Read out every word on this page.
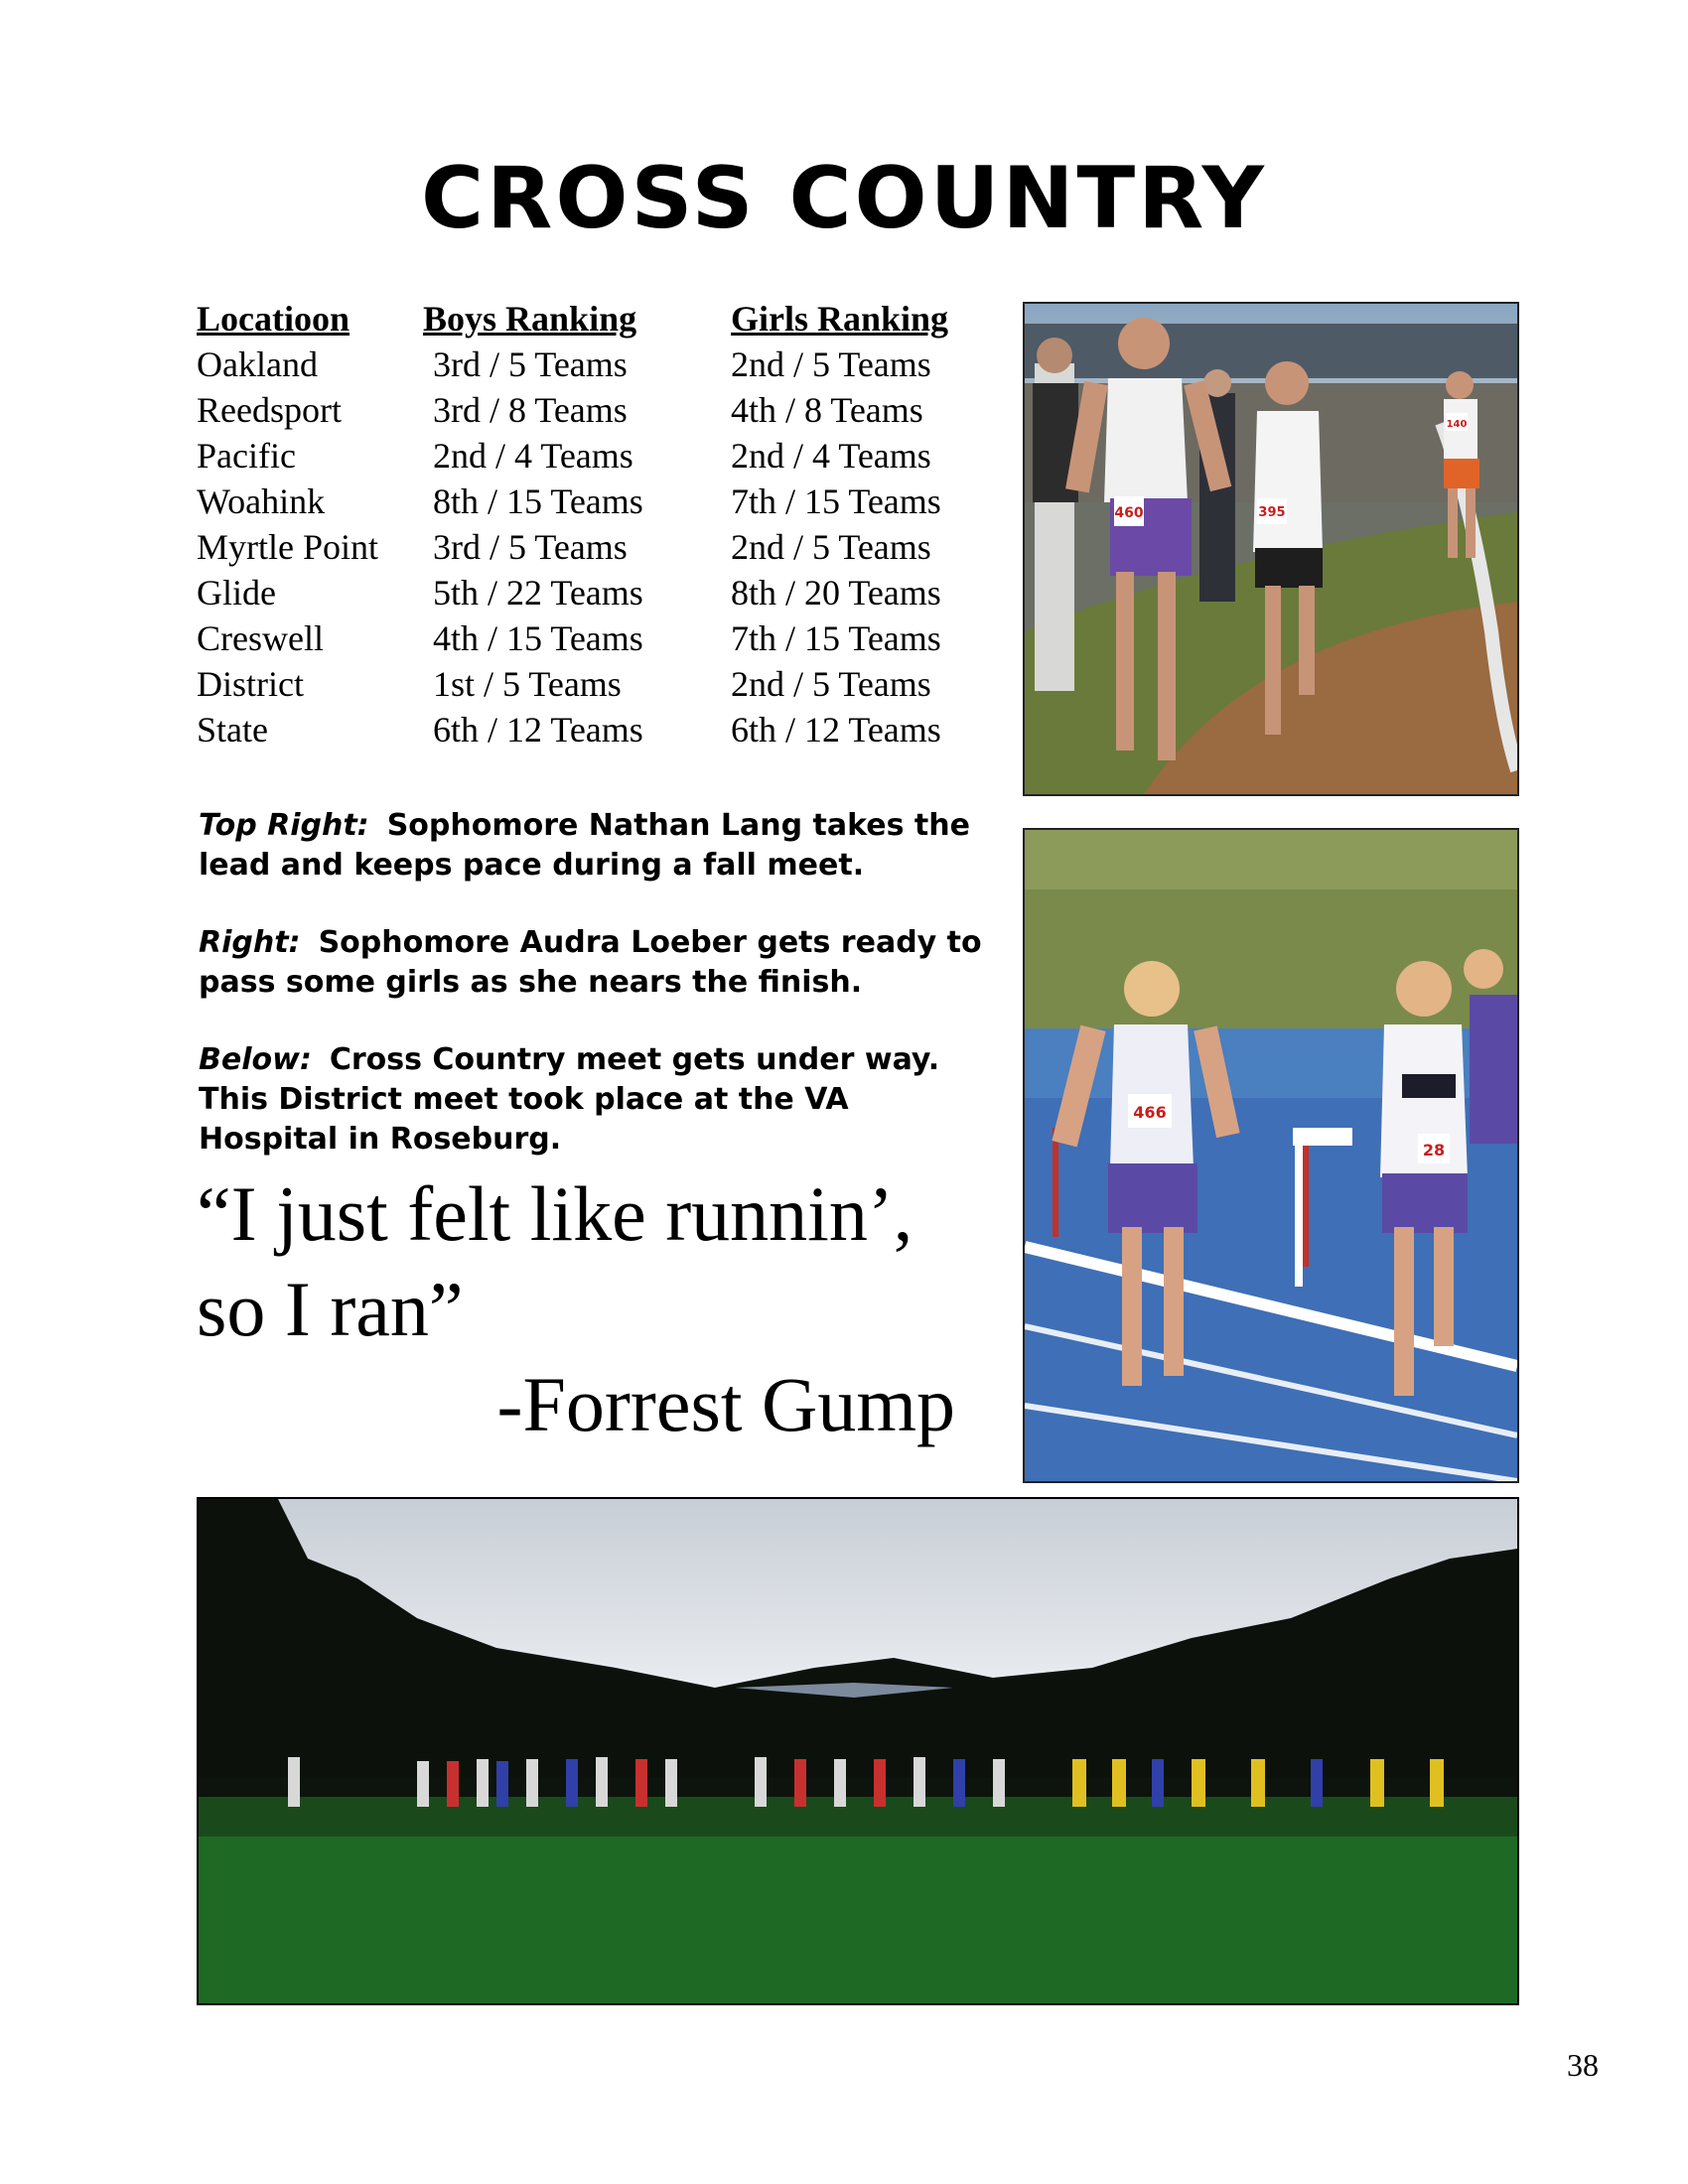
CROSS COUNTRY
Locatioon	Boys Ranking	Girls Ranking
Oakland	3rd / 5 Teams	2nd / 5 Teams
Reedsport	3rd / 8 Teams	4th / 8 Teams
Pacific	2nd / 4 Teams	2nd / 4 Teams
Woahink	8th / 15 Teams	7th / 15 Teams
Myrtle Point	3rd / 5 Teams	2nd / 5 Teams
Glide	5th / 22 Teams	8th / 20 Teams
Creswell	4th / 15 Teams	7th / 15 Teams
District	1st / 5 Teams	2nd / 5 Teams
State	6th / 12 Teams	6th / 12 Teams

Top Right: Sophomore Nathan Lang takes the lead and keeps pace during a fall meet.

Right: Sophomore Audra Loeber gets ready to pass some girls as she nears the finish.

Below: Cross Country meet gets under way. This District meet took place at the VA Hospital in Roseburg.

“I just felt like runnin’,
so I ran”
-Forrest Gump
460	395
140
466
28
38
